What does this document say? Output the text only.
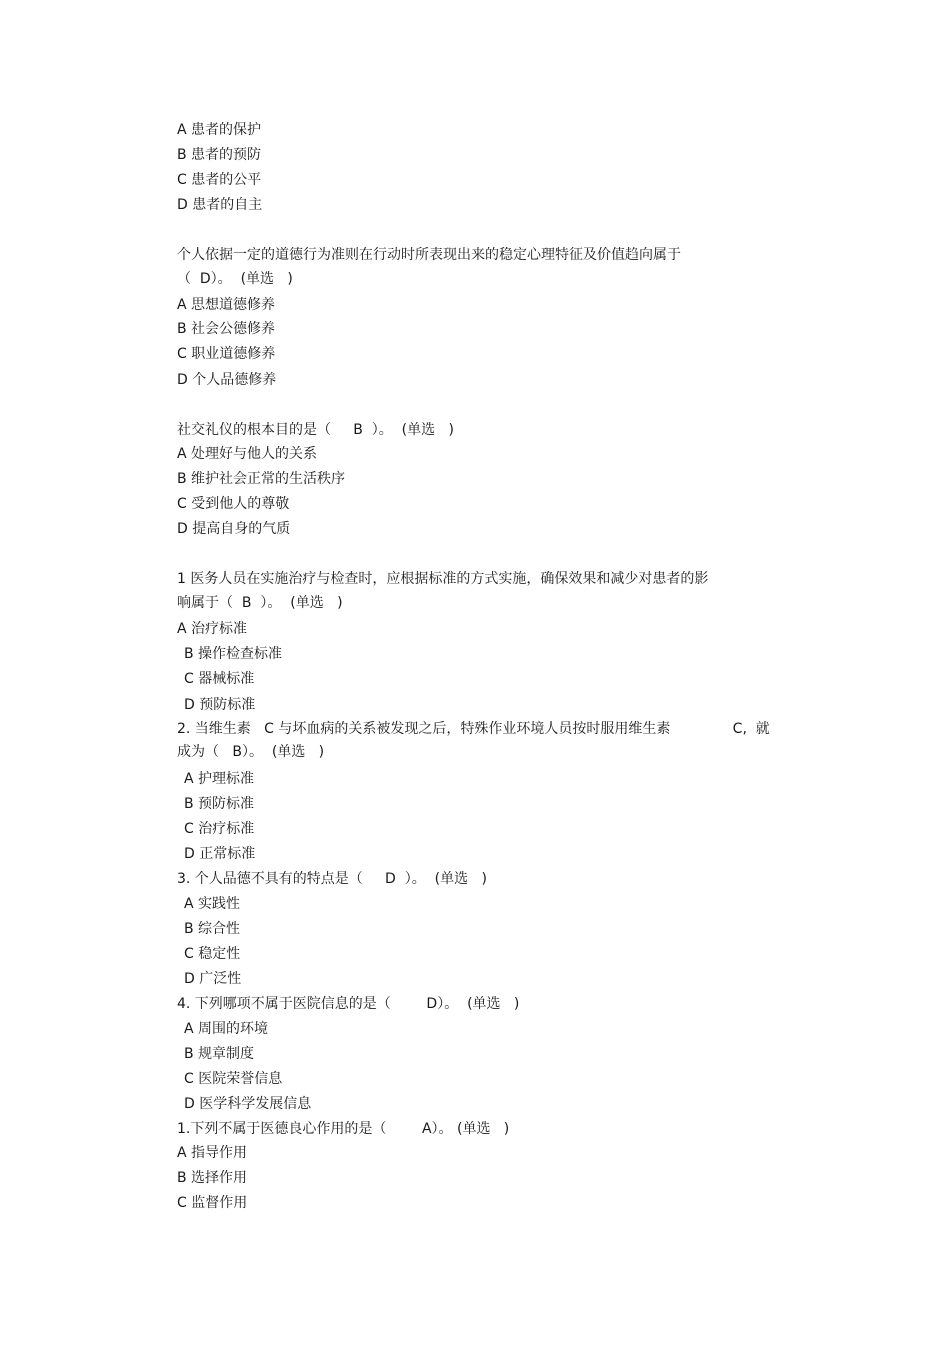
A 患者的保护
B 患者的预防
C 患者的公平
D 患者的自主
个人依据一定的道德行为准则在行动时所表现出来的稳定心理特征及价值趋向属于
（  D）。  (单选   )
A 思想道德修养
B 社会公德修养
C 职业道德修养
D 个人品德修养
社交礼仪的根本目的是（     B  ）。  (单选   )
A 处理好与他人的关系
B 维护社会正常的生活秩序
C 受到他人的尊敬
D 提高自身的气质
1 医务人员在实施治疗与检查时，应根据标准的方式实施，确保效果和减少对患者的影
响属于（  B  ）。  (单选   )
A 治疗标准
B 操作检查标准
C 器械标准
D 预防标准
2. 当维生素   C 与坏血病的关系被发现之后，特殊作业环境人员按时服用维生素              C,  就
成为（   B）。  (单选   )
A 护理标准
B 预防标准
C 治疗标准
D 正常标准
3. 个人品德不具有的特点是（     D  ）。  (单选   )
A 实践性
B 综合性
C 稳定性
D 广泛性
4. 下列哪项不属于医院信息的是（        D）。  (单选   )
A 周围的环境
B 规章制度
C 医院荣誉信息
D 医学科学发展信息
1.下列不属于医德良心作用的是（        A）。 (单选   )
A 指导作用
B 选择作用
C 监督作用
